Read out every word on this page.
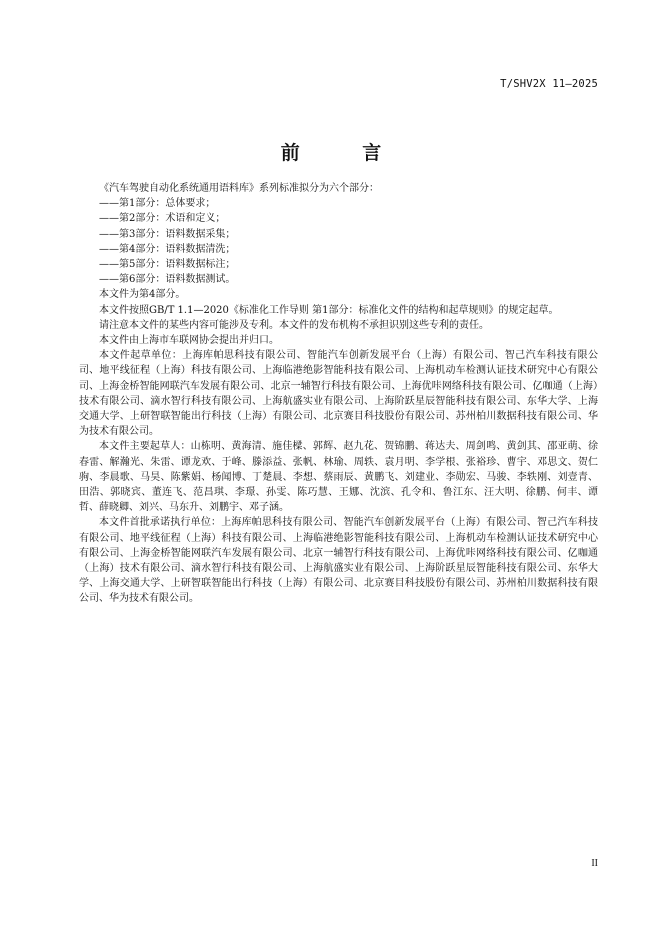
T/SHV2X 11—2025
前 言

《汽车驾驶自动化系统通用语料库》系列标准拟分为六个部分：

——第1部分：总体要求；
——第2部分：术语和定义；
——第3部分：语料数据采集；
——第4部分：语料数据清洗；
——第5部分：语料数据标注；
——第6部分：语料数据测试。

本文件为第4部分。

本文件按照GB/T 1.1—2020《标准化工作导则 第1部分：标准化文件的结构和起草规则》的规定起草。

请注意本文件的某些内容可能涉及专利。本文件的发布机构不承担识别这些专利的责任。

本文件由上海市车联网协会提出并归口。

本文件起草单位：上海库帕思科技有限公司、智能汽车创新发展平台（上海）有限公司、智己汽车科技有限公司、地平线征程（上海）科技有限公司、上海临港绝影智能科技有限公司、上海机动车检测认证技术研究中心有限公司、上海金桥智能网联汽车发展有限公司、北京一辅智行科技有限公司、上海优咔网络科技有限公司、亿咖通（上海）技术有限公司、滴水智行科技有限公司、上海航盛实业有限公司、上海阶跃星辰智能科技有限公司、东华大学、上海交通大学、上研智联智能出行科技（上海）有限公司、北京赛目科技股份有限公司、苏州柏川数据科技有限公司、华为技术有限公司。

本文件主要起草人：山栋明、黄海清、施佳樑、郭辉、赵九花、贺锦鹏、蒋达夫、周剑鸣、黄剑其、邵亚萌、徐春雷、解瀚光、朱雷、谭龙欢、于峰、滕添益、张帆、林瑜、周轶、袁月明、李学根、张裕珍、曹宇、邓思文、贺仁驹、李晨歌、马昊、陈紫娟、杨闻博、丁楚晨、李想、蔡雨辰、黄鹏飞、刘建业、李勋宏、马骏、李轶刚、刘壹青、田浩、郭晓宾、董连飞、范昌琪、李璟、孙雯、陈巧慧、王娜、沈滨、孔令和、鲁江东、汪大明、徐鹏、何丰、谭哲、薛晓卿、刘兴、马东升、刘鹏宇、邓子涵。

本文件首批承诺执行单位：上海库帕思科技有限公司、智能汽车创新发展平台（上海）有限公司、智己汽车科技有限公司、地平线征程（上海）科技有限公司、上海临港绝影智能科技有限公司、上海机动车检测认证技术研究中心有限公司、上海金桥智能网联汽车发展有限公司、北京一辅智行科技有限公司、上海优咔网络科技有限公司、亿咖通（上海）技术有限公司、滴水智行科技有限公司、上海航盛实业有限公司、上海阶跃星辰智能科技有限公司、东华大学、上海交通大学、上研智联智能出行科技（上海）有限公司、北京赛目科技股份有限公司、苏州柏川数据科技有限公司、华为技术有限公司。

II
